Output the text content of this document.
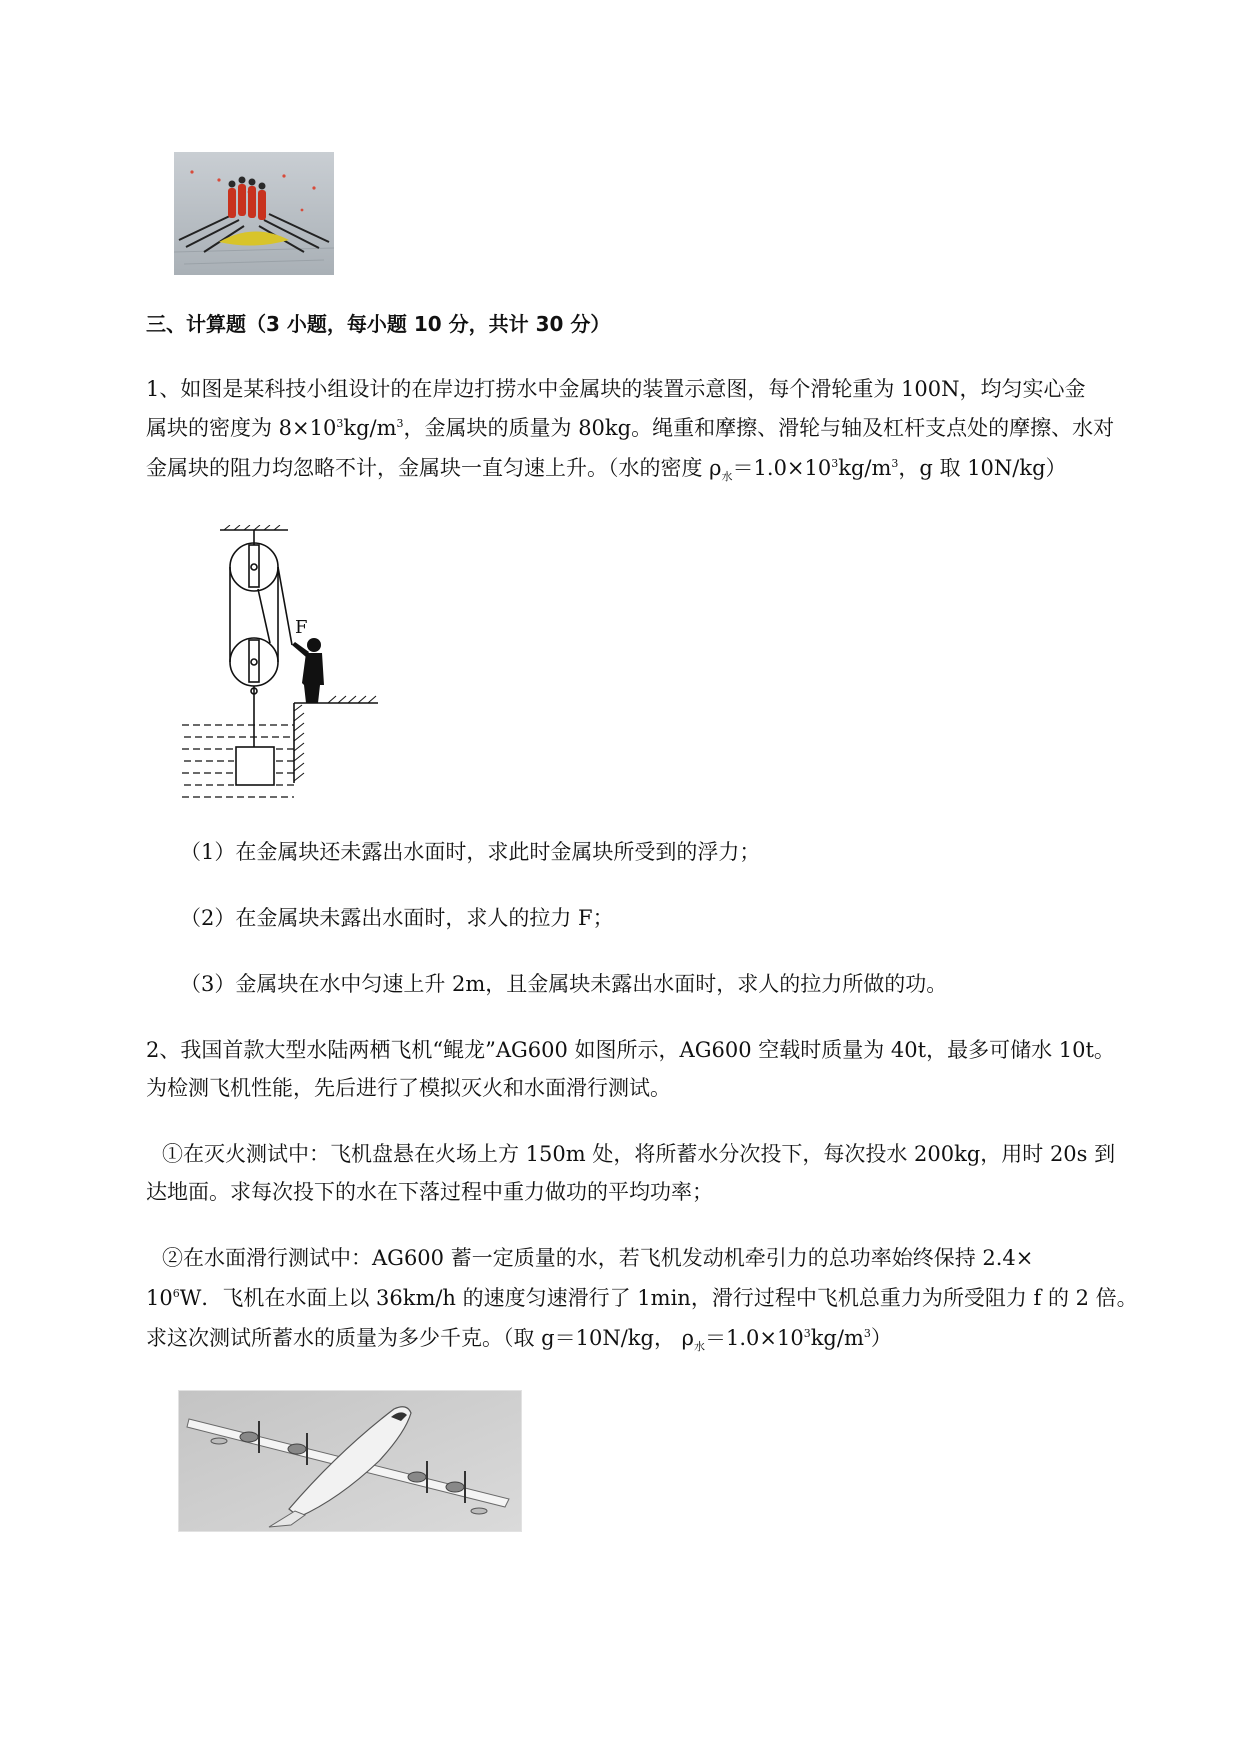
三、计算题（3 小题，每小题 10 分，共计 30 分）
1、如图是某科技小组设计的在岸边打捞水中金属块的装置示意图，每个滑轮重为 100N，均匀实心金
属块的密度为 $8\times 10^3kg/m^3$，金属块的质量为 80kg。绳重和摩擦、滑轮与轴及杠杆支点处的摩擦、水对
金属块的阻力均忽略不计，金属块一直匀速上升。（水的密度 $\rho_水=1.0\times 10^3kg/m^3$，g 取 10N/kg）
F
（1）在金属块还未露出水面时，求此时金属块所受到的浮力；
（2）在金属块未露出水面时，求人的拉力 F；
（3）金属块在水中匀速上升 2m，且金属块未露出水面时，求人的拉力所做的功。
2、我国首款大型水陆两栖飞机“鲲龙”AG600 如图所示，AG600 空载时质量为 40t，最多可储水 10t。
为检测飞机性能，先后进行了模拟灭火和水面滑行测试。
①在灭火测试中：飞机盘悬在火场上方 150m 处，将所蓄水分次投下，每次投水 200kg，用时 20s 到
达地面。求每次投下的水在下落过程中重力做功的平均功率；
②在水面滑行测试中：AG600 蓄一定质量的水，若飞机发动机牵引力的总功率始终保持 2.4×
$10^6W$．飞机在水面上以 36km/h 的速度匀速滑行了 1min，滑行过程中飞机总重力为所受阻力 f 的 2 倍。
求这次测试所蓄水的质量为多少千克。（取 g＝10N/kg， $\rho_水=1.0\times 10^3kg/m^3$）
